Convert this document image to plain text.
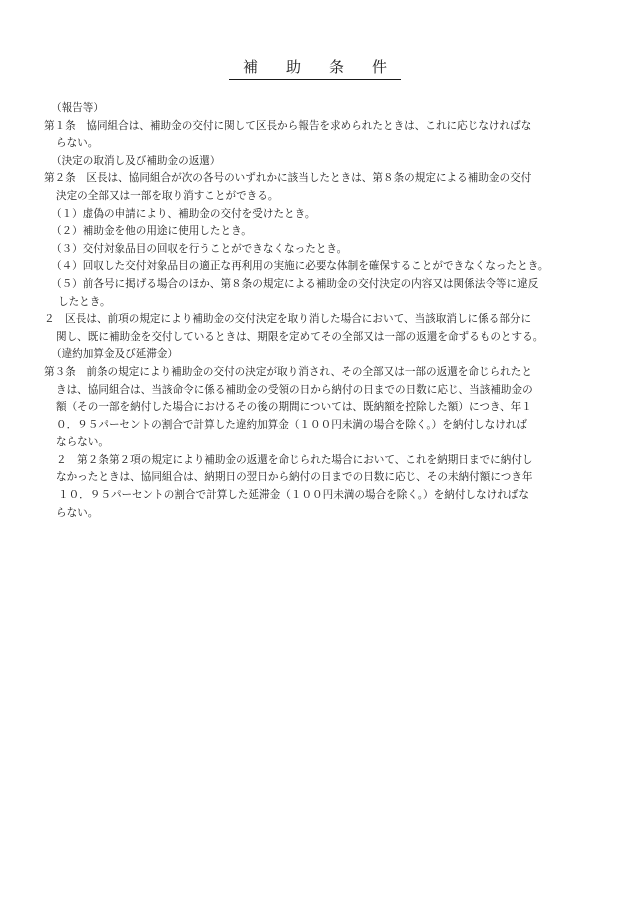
補 助 条 件
（報告等）
第１条　協同組合は、補助金の交付に関して区長から報告を求められたときは、これに応じなければな
らない。
（決定の取消し及び補助金の返還）
第２条　区長は、協同組合が次の各号のいずれかに該当したときは、第８条の規定による補助金の交付
決定の全部又は一部を取り消すことができる。
（１）虚偽の申請により、補助金の交付を受けたとき。
（２）補助金を他の用途に使用したとき。
（３）交付対象品目の回収を行うことができなくなったとき。
（４）回収した交付対象品目の適正な再利用の実施に必要な体制を確保することができなくなったとき。
（５）前各号に掲げる場合のほか、第８条の規定による補助金の交付決定の内容又は関係法令等に違反
したとき。
２　区長は、前項の規定により補助金の交付決定を取り消した場合において、当該取消しに係る部分に
関し、既に補助金を交付しているときは、期限を定めてその全部又は一部の返還を命ずるものとする。
（違約加算金及び延滞金）
第３条　前条の規定により補助金の交付の決定が取り消され、その全部又は一部の返還を命じられたと
きは、協同組合は、当該命令に係る補助金の受領の日から納付の日までの日数に応じ、当該補助金の
額（その一部を納付した場合におけるその後の期間については、既納額を控除した額）につき、年１
０．９５パーセントの割合で計算した違約加算金（１００円未満の場合を除く。）を納付しなければ
ならない。
２　第２条第２項の規定により補助金の返還を命じられた場合において、これを納期日までに納付し
なかったときは、協同組合は、納期日の翌日から納付の日までの日数に応じ、その未納付額につき年
１０．９５パーセントの割合で計算した延滞金（１００円未満の場合を除く。）を納付しなければな
らない。
